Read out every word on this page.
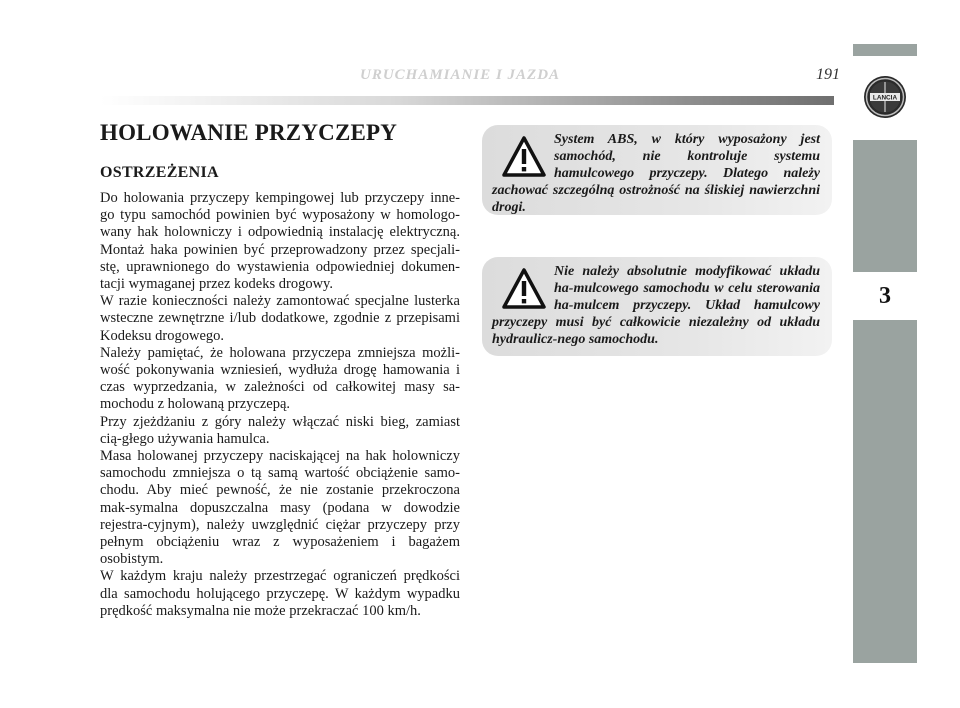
URUCHAMIANIE I JAZDA	191
LANCIA
3
HOLOWANIE PRZYCZEPY
OSTRZEŻENIA

Do holowania przyczepy kempingowej lub przyczepy inne-go typu samochód powinien być wyposażony w homologo-wany hak holowniczy i odpowiednią instalację elektryczną. Montaż haka powinien być przeprowadzony przez specjali-stę, uprawnionego do wystawienia odpowiedniej dokumen-tacji wymaganej przez kodeks drogowy.

W razie konieczności należy zamontować specjalne lusterka wsteczne zewnętrzne i/lub dodatkowe, zgodnie z przepisami Kodeksu drogowego.

Należy pamiętać, że holowana przyczepa zmniejsza możli-wość pokonywania wzniesień, wydłuża drogę hamowania i czas wyprzedzania, w zależności od całkowitej masy sa-mochodu z holowaną przyczepą.

Przy zjeżdżaniu z góry należy włączać niski bieg, zamiast cią-głego używania hamulca.

Masa holowanej przyczepy naciskającej na hak holowniczy samochodu zmniejsza o tą samą wartość obciążenie samo-chodu. Aby mieć pewność, że nie zostanie przekroczona mak-symalna dopuszczalna masy (podana w dowodzie rejestra-cyjnym), należy uwzględnić ciężar przyczepy przy pełnym obciążeniu wraz z wyposażeniem i bagażem osobistym.

W każdym kraju należy przestrzegać ograniczeń prędkości dla samochodu holującego przyczepę. W każdym wypadku prędkość maksymalna nie może przekraczać 100 km/h.

System ABS, w który wyposażony jest samochód, nie kontroluje systemu hamulcowego przyczepy. Dlatego należy zachować szczególną ostrożność na śliskiej nawierzchni drogi.
Nie należy absolutnie modyfikować układu ha-mulcowego samochodu w celu sterowania ha-mulcem przyczepy. Układ hamulcowy przyczepy musi być całkowicie niezależny od układu hydraulicz-nego samochodu.
